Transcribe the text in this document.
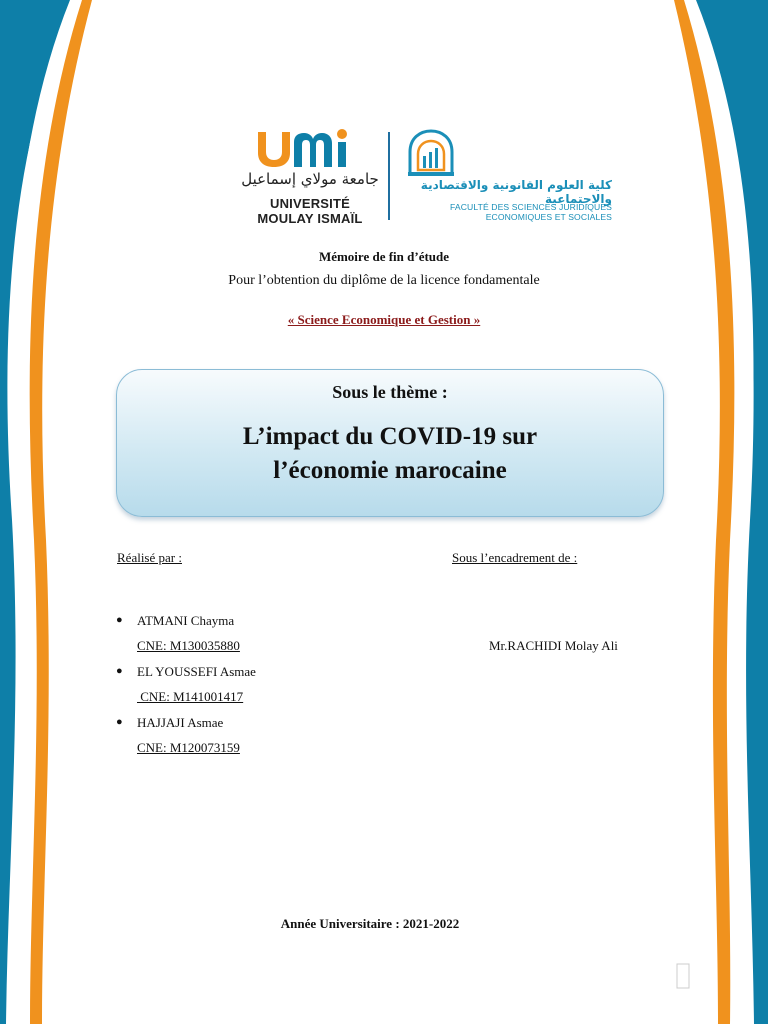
جامعة مولاي إسماعيل
UNIVERSITÉ MOULAY ISMAÏL
كلية العلوم القانونية والاقتصادية والاجتماعية
FACULTÉ DES SCIENCES JURIDIQUES ECONOMIQUES ET SOCIALES
Mémoire de fin d’étude
Pour l’obtention du diplôme de la licence fondamentale
« Science Economique et Gestion »
Sous le thème :
L’impact du COVID-19 sur
l’économie marocaine
Réalisé par :	Sous l’encadrement de :
● ATMANI Chayma
CNE: M130035880
● EL YOUSSEFI Asmae
CNE: M141001417
● HAJJAJI Asmae
CNE: M120073159
Mr.RACHIDI Molay Ali
Année Universitaire : 2021-2022
